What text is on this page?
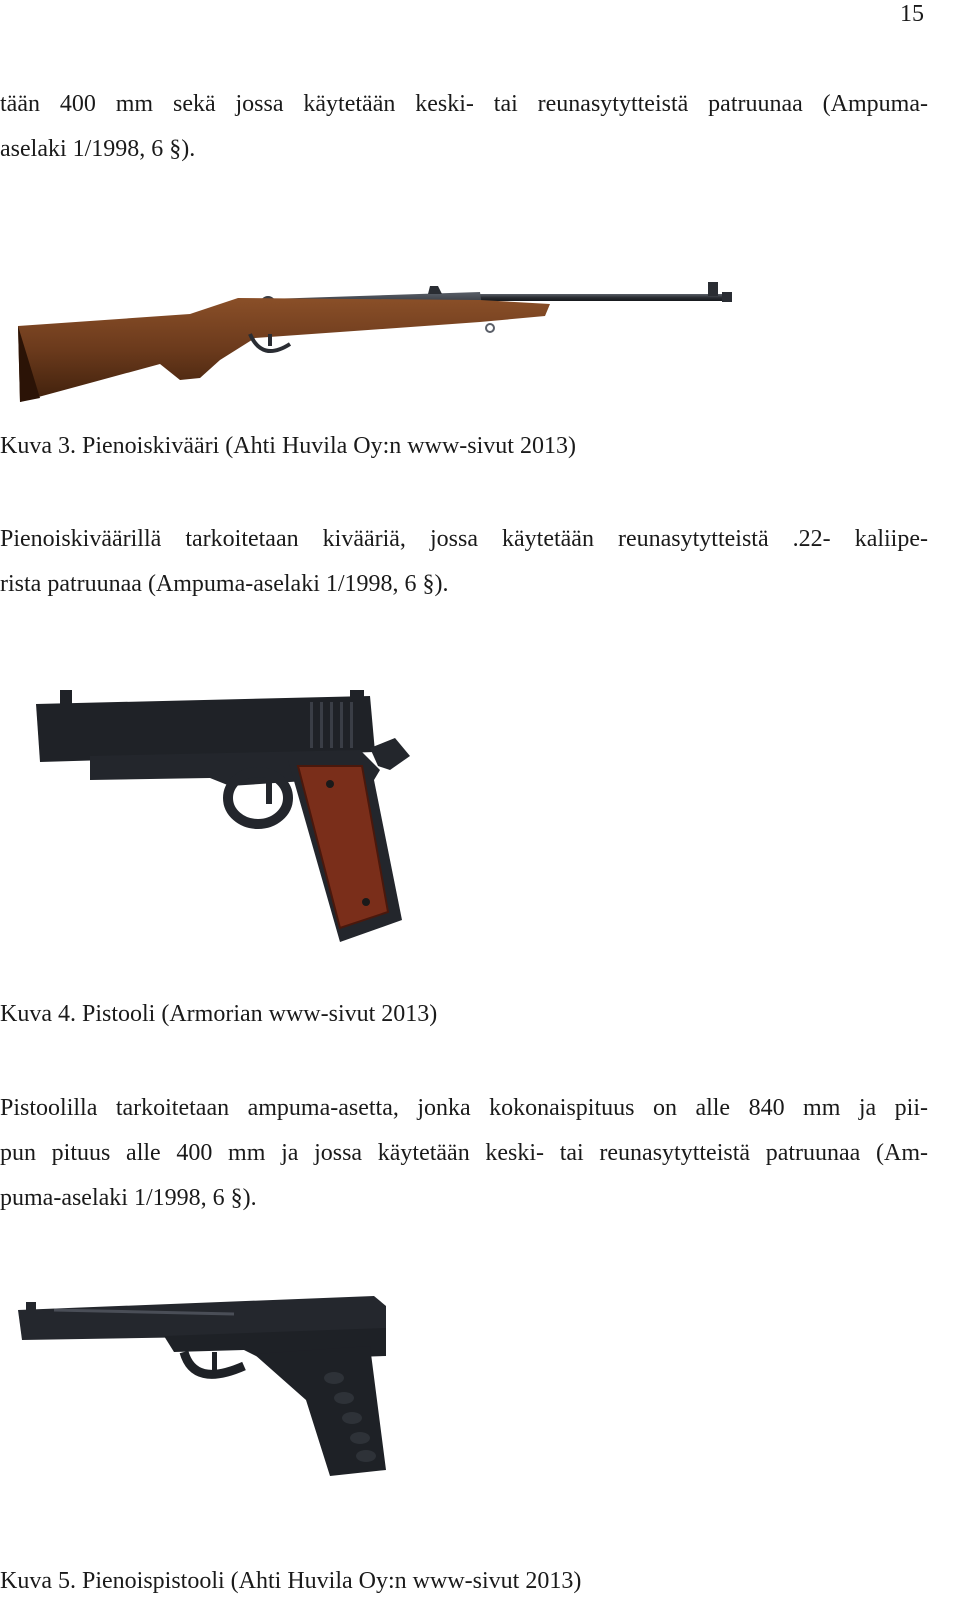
15

tään 400 mm sekä jossa käytetään keski- tai reunasytytteistä patruunaa (Ampuma-
aselaki 1/1998, 6 §).

Kuva 3. Pienoiskivääri (Ahti Huvila Oy:n www-sivut 2013)

Pienoiskiväärillä tarkoitetaan kivääriä, jossa käytetään reunasytytteistä .22- kaliipe-
rista patruunaa (Ampuma-aselaki 1/1998, 6 §).

Kuva 4. Pistooli (Armorian www-sivut 2013)

Pistoolilla tarkoitetaan ampuma-asetta, jonka kokonaispituus on alle 840 mm ja pii-
pun pituus alle 400 mm ja jossa käytetään keski- tai reunasytytteistä patruunaa (Am-
puma-aselaki 1/1998, 6 §).

Kuva 5. Pienoispistooli (Ahti Huvila Oy:n www-sivut 2013)
